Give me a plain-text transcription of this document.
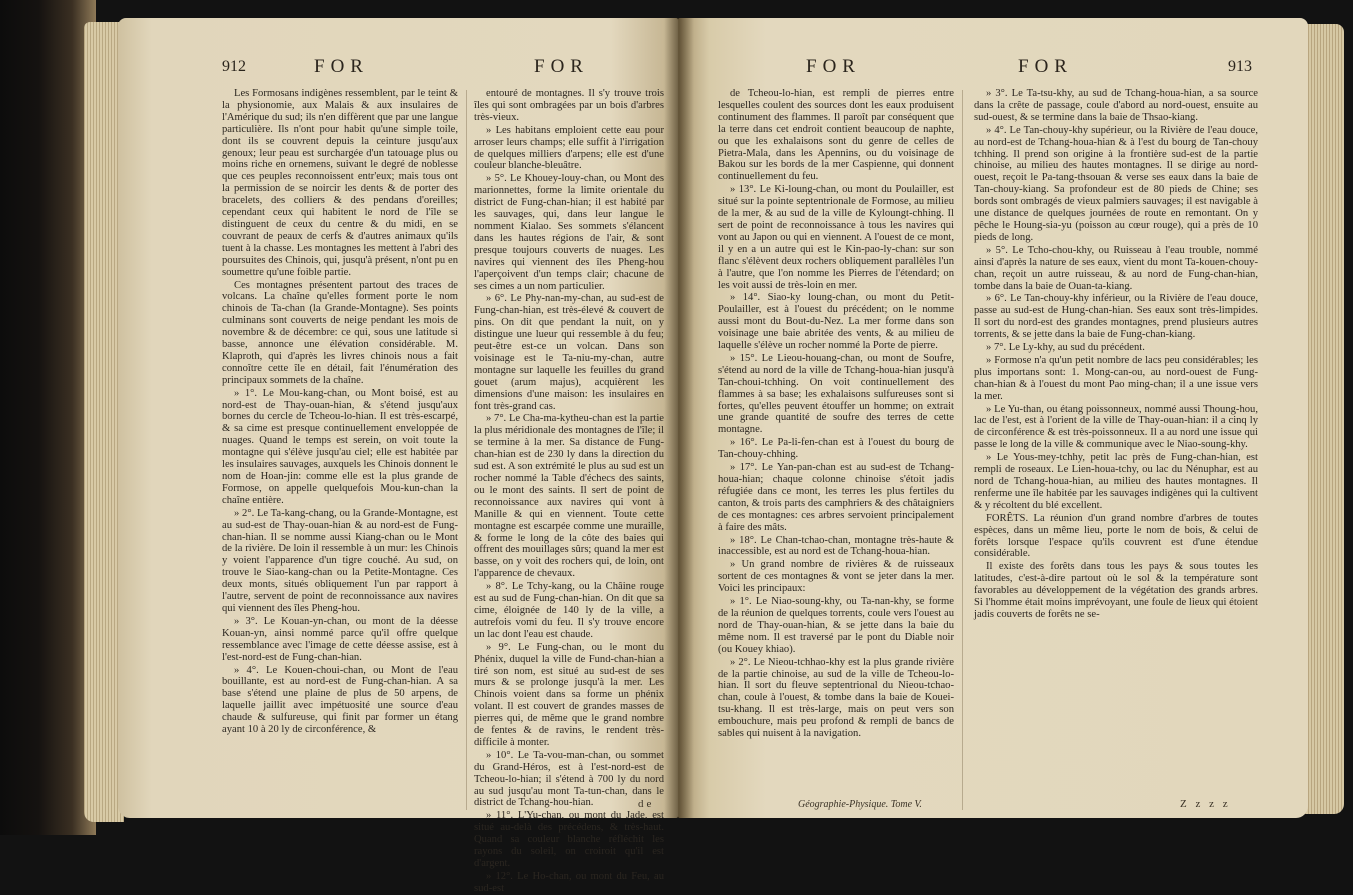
912	FOR	FOR

Les Formosans indigènes ressemblent, par le teint & la physionomie, aux Malais & aux insulaires de l'Amérique du sud; ils n'en diffèrent que par une langue particulière. Ils n'ont pour habit qu'une simple toile, dont ils se couvrent depuis la ceinture jusqu'aux genoux; leur peau est surchargée d'un tatouage plus ou moins riche en ornemens, suivant le degré de noblesse que ces peuples reconnoissent entr'eux; mais tous ont la permission de se noircir les dents & de porter des bracelets, des colliers & des pendans d'oreilles; cependant ceux qui habitent le nord de l'île se distinguent de ceux du centre & du midi, en se couvrant de peaux de cerfs & d'autres animaux qu'ils tuent à la chasse. Les montagnes les mettent à l'abri des poursuites des Chinois, qui, jusqu'à présent, n'ont pu en soumettre qu'une foible partie.

Ces montagnes présentent partout des traces de volcans. La chaîne qu'elles forment porte le nom chinois de Ta-chan (la Grande-Montagne). Ses points culminans sont couverts de neige pendant les mois de novembre & de décembre: ce qui, sous une latitude si basse, annonce une élévation considérable. M. Klaproth, qui d'après les livres chinois nous a fait connoître cette île en détail, fait l'énumération des principaux sommets de la chaîne.

» 1°. Le Mou-kang-chan, ou Mont boisé, est au nord-est de Thay-ouan-hian, & s'étend jusqu'aux bornes du cercle de Tcheou-lo-hian. Il est très-escarpé, & sa cime est presque continuellement enveloppée de nuages. Quand le temps est serein, on voit toute la montagne qui s'élève jusqu'au ciel; elle est habitée par les insulaires sauvages, auxquels les Chinois donnent le nom de Hoan-jin: comme elle est la plus grande de Formose, on appelle quelquefois Mou-kun-chan la chaîne entière.

» 2°. Le Ta-kang-chang, ou la Grande-Montagne, est au sud-est de Thay-ouan-hian & au nord-est de Fung-chan-hian. Il se nomme aussi Kiang-chan ou le Mont de la rivière. De loin il ressemble à un mur: les Chinois y voient l'apparence d'un tigre couché. Au sud, on trouve le Siao-kang-chan ou la Petite-Montagne. Ces deux monts, situés obliquement l'un par rapport à l'autre, servent de point de reconnoissance aux navires qui viennent des îles Pheng-hou.

» 3°. Le Kouan-yn-chan, ou mont de la déesse Kouan-yn, ainsi nommé parce qu'il offre quelque ressemblance avec l'image de cette déesse assise, est à l'est-nord-est de Fung-chan-hian.

» 4°. Le Kouen-choui-chan, ou Mont de l'eau bouillante, est au nord-est de Fung-chan-hian. A sa base s'étend une plaine de plus de 50 arpens, de laquelle jaillit avec impétuosité une source d'eau chaude & sulfureuse, qui finit par former un étang ayant 10 à 20 ly de circonférence, &

entouré de montagnes. Il s'y trouve trois îles qui sont ombragées par un bois d'arbres très-vieux.

» Les habitans emploient cette eau pour arroser leurs champs; elle suffit à l'irrigation de quelques milliers d'arpens; elle est d'une couleur blanche-bleuâtre.

» 5°. Le Khouey-louy-chan, ou Mont des marionnettes, forme la limite orientale du district de Fung-chan-hian; il est habité par les sauvages, qui, dans leur langue le nomment Kialao. Ses sommets s'élancent dans les hautes régions de l'air, & sont presque toujours couverts de nuages. Les navires qui viennent des îles Pheng-hou l'aperçoivent d'un temps clair; chacune de ses cimes a un nom particulier.

» 6°. Le Phy-nan-my-chan, au sud-est de Fung-chan-hian, est très-élevé & couvert de pins. On dit que pendant la nuit, on y distingue une lueur qui ressemble à du feu; peut-être est-ce un volcan. Dans son voisinage est le Ta-niu-my-chan, autre montagne sur laquelle les feuilles du grand gouet (arum majus), acquièrent les dimensions d'une maison: les insulaires en font très-grand cas.

» 7°. Le Cha-ma-kytheu-chan est la partie la plus méridionale des montagnes de l'île; il se termine à la mer. Sa distance de Fung-chan-hian est de 230 ly dans la direction du sud est. A son extrémité le plus au sud est un rocher nommé la Table d'échecs des saints, ou le mont des saints. Il sert de point de reconnoissance aux navires qui vont à Manille & qui en viennent. Toute cette montagne est escarpée comme une muraille, & forme le long de la côte des baies qui offrent des mouillages sûrs; quand la mer est basse, on y voit des rochers qui, de loin, ont l'apparence de chevaux.

» 8°. Le Tchy-kang, ou la Châine rouge est au sud de Fung-chan-hian. On dit que sa cime, éloignée de 140 ly de la ville, a autrefois vomi du feu. Il s'y trouve encore un lac dont l'eau est chaude.

» 9°. Le Fung-chan, ou le mont du Phénix, duquel la ville de Fund-chan-hian a tiré son nom, est situé au sud-est de ses murs & se prolonge jusqu'à la mer. Les Chinois voient dans sa forme un phénix volant. Il est couvert de grandes masses de pierres qui, de même que le grand nombre de fentes & de ravins, le rendent très-difficile à monter.

» 10°. Le Ta-vou-man-chan, ou sommet du Grand-Héros, est à l'est-nord-est de Tcheou-lo-hian; il s'étend à 700 ly du nord au sud jusqu'au mont Ta-tun-chan, dans le district de Tchang-hou-hian.

» 11°. L'Yu-chan, ou mont du Jade, est situé au-delà des précédens, & très-haut. Quand sa couleur blanche réfléchit les rayons du soleil, on croiroit qu'il est d'argent.

» 12°. Le Ho-chan, ou mont du Feu, au sud-est

de
FOR	FOR	913

de Tcheou-lo-hian, est rempli de pierres entre lesquelles coulent des sources dont les eaux produisent continument des flammes. Il paroît par conséquent que la terre dans cet endroit contient beaucoup de naphte, ou que les exhalaisons sont du genre de celles de Pietra-Mala, dans les Apennins, ou du voisinage de Bakou sur les bords de la mer Caspienne, qui donnent continuellement du feu.

» 13°. Le Ki-loung-chan, ou mont du Poulailler, est situé sur la pointe septentrionale de Formose, au milieu de la mer, & au sud de la ville de Kyloungt-chhing. Il sert de point de reconnoissance à tous les navires qui vont au Japon ou qui en viennent. A l'ouest de ce mont, il y en a un autre qui est le Kin-pao-ly-chan: sur son flanc s'élèvent deux rochers obliquement parallèles l'un à l'autre, que l'on nomme les Pierres de l'étendard; on les voit aussi de très-loin en mer.

» 14°. Siao-ky loung-chan, ou mont du Petit-Poulailler, est à l'ouest du précédent; on le nomme aussi mont du Bout-du-Nez. La mer forme dans son voisinage une baie abritée des vents, & au milieu de laquelle s'élève un rocher nommé la Porte de pierre.

» 15°. Le Lieou-houang-chan, ou mont de Soufre, s'étend au nord de la ville de Tchang-houa-hian jusqu'à Tan-choui-tchhing. On voit continuellement des flammes à sa base; les exhalaisons sulfureuses sont si fortes, qu'elles peuvent étouffer un homme; on extrait une grande quantité de soufre des terres de cette montagne.

» 16°. Le Pa-li-fen-chan est à l'ouest du bourg de Tan-chouy-chhing.

» 17°. Le Yan-pan-chan est au sud-est de Tchang-houa-hian; chaque colonne chinoise s'étoit jadis réfugiée dans ce mont, les terres les plus fertiles du canton, & trois parts des camphriers & des châtaigniers de ces montagnes: ces arbres servoient principalement à faire des mâts.

» 18°. Le Chan-tchao-chan, montagne très-haute & inaccessible, est au nord est de Tchang-houa-hian.

» Un grand nombre de rivières & de ruisseaux sortent de ces montagnes & vont se jeter dans la mer. Voici les principaux:

» 1°. Le Niao-soung-khy, ou Ta-nan-khy, se forme de la réunion de quelques torrents, coule vers l'ouest au nord de Thay-ouan-hian, & se jette dans la baie du même nom. Il est traversé par le pont du Diable noir (ou Kouey khiao).

» 2°. Le Nieou-tchhao-khy est la plus grande rivière de la partie chinoise, au sud de la ville de Tcheou-lo-hian. Il sort du fleuve septentrional du Nieou-tchao-chan, coule à l'ouest, & tombe dans la baie de Kouei-tsu-khang. Il est très-large, mais on peut vers son embouchure, mais peu profond & rempli de bancs de sables qui nuisent à la navigation.

» 3°. Le Ta-tsu-khy, au sud de Tchang-houa-hian, a sa source dans la crête de passage, coule d'abord au nord-ouest, ensuite au sud-ouest, & se termine dans la baie de Thsao-kiang.

» 4°. Le Tan-chouy-khy supérieur, ou la Rivière de l'eau douce, au nord-est de Tchang-houa-hian & à l'est du bourg de Tan-chouy tchhing. Il prend son origine à la frontière sud-est de la partie chinoise, au milieu des hautes montagnes. Il se dirige au nord-ouest, reçoit le Pa-tang-thsouan & verse ses eaux dans la baie de Tan-chouy-kiang. Sa profondeur est de 80 pieds de Chine; ses bords sont ombragés de vieux palmiers sauvages; il est navigable à une distance de quelques journées de route en remontant. On y pêche le Houng-sia-yu (poisson au cœur rouge), qui a près de 10 pieds de long.

» 5°. Le Tcho-chou-khy, ou Ruisseau à l'eau trouble, nommé ainsi d'après la nature de ses eaux, vient du mont Ta-kouen-chouy-chan, reçoit un autre ruisseau, & au nord de Fung-chan-hian, tombe dans la baie de Ouan-ta-kiang.

» 6°. Le Tan-chouy-khy inférieur, ou la Rivière de l'eau douce, passe au sud-est de Hung-chan-hian. Ses eaux sont très-limpides. Il sort du nord-est des grandes montagnes, prend plusieurs autres torrents, & se jette dans la baie de Fung-chan-kiang.

» 7°. Le Ly-khy, au sud du précédent.

» Formose n'a qu'un petit nombre de lacs peu considérables; les plus importans sont: 1. Mong-can-ou, au nord-ouest de Fung-chan-hian & à l'ouest du mont Pao ming-chan; il a une issue vers la mer.

» Le Yu-than, ou étang poissonneux, nommé aussi Thoung-hou, lac de l'est, est à l'orient de la ville de Thay-ouan-hian: il a cinq ly de circonférence & est très-poissonneux. Il a au nord une issue qui passe le long de la ville & communique avec le Niao-soung-khy.

» Le Yous-mey-tchhy, petit lac près de Fung-chan-hian, est rempli de roseaux. Le Lien-houa-tchy, ou lac du Nénuphar, est au nord de Tchang-houa-hian, au milieu des hautes montagnes. Il renferme une île habitée par les sauvages indigènes qui la cultivent & y récoltent du blé excellent.

FORÊTS. La réunion d'un grand nombre d'arbres de toutes espèces, dans un même lieu, porte le nom de bois, & celui de forêts lorsque l'espace qu'ils couvrent est d'une étendue considérable.

Il existe des forêts dans tous les pays & sous toutes les latitudes, c'est-à-dire partout où le sol & la température sont favorables au développement de la végétation des grands arbres. Si l'homme était moins imprévoyant, une foule de lieux qui étoient jadis couverts de forêts ne se-

Géographie-Physique. Tome V.	Z z z z
